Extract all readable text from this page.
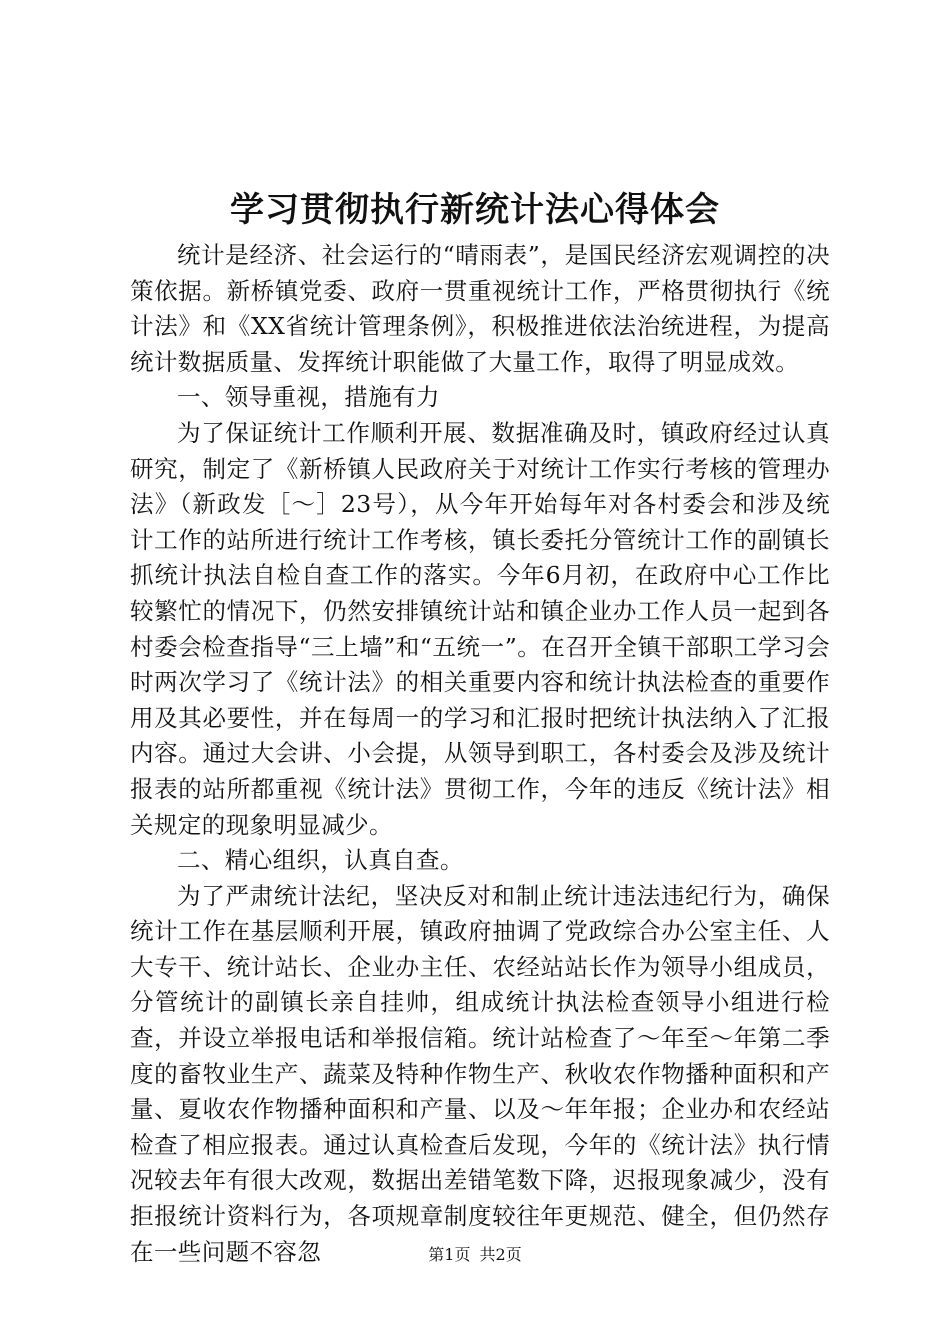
学习贯彻执行新统计法心得体会

统计是经济、社会运行的“晴雨表”，是国民经济宏观调控的决策依据。新桥镇党委、政府一贯重视统计工作，严格贯彻执行《统计法》和《XX省统计管理条例》，积极推进依法治统进程，为提高统计数据质量、发挥统计职能做了大量工作，取得了明显成效。

一、领导重视，措施有力

为了保证统计工作顺利开展、数据准确及时，镇政府经过认真研究，制定了《新桥镇人民政府关于对统计工作实行考核的管理办法》（新政发［～］23号），从今年开始每年对各村委会和涉及统计工作的站所进行统计工作考核，镇长委托分管统计工作的副镇长抓统计执法自检自查工作的落实。今年6月初，在政府中心工作比较繁忙的情况下，仍然安排镇统计站和镇企业办工作人员一起到各村委会检查指导“三上墙”和“五统一”。在召开全镇干部职工学习会时两次学习了《统计法》的相关重要内容和统计执法检查的重要作用及其必要性，并在每周一的学习和汇报时把统计执法纳入了汇报内容。通过大会讲、小会提，从领导到职工，各村委会及涉及统计报表的站所都重视《统计法》贯彻工作，今年的违反《统计法》相关规定的现象明显减少。

二、精心组织，认真自查。

为了严肃统计法纪，坚决反对和制止统计违法违纪行为，确保统计工作在基层顺利开展，镇政府抽调了党政综合办公室主任、人大专干、统计站长、企业办主任、农经站站长作为领导小组成员，分管统计的副镇长亲自挂帅，组成统计执法检查领导小组进行检查，并设立举报电话和举报信箱。统计站检查了～年至～年第二季度的畜牧业生产、蔬菜及特种作物生产、秋收农作物播种面积和产量、夏收农作物播种面积和产量、以及～年年报；企业办和农经站检查了相应报表。通过认真检查后发现，今年的《统计法》执行情况较去年有很大改观，数据出差错笔数下降，迟报现象减少，没有拒报统计资料行为，各项规章制度较往年更规范、健全，但仍然存在一些问题不容忽	第1页 共2页
